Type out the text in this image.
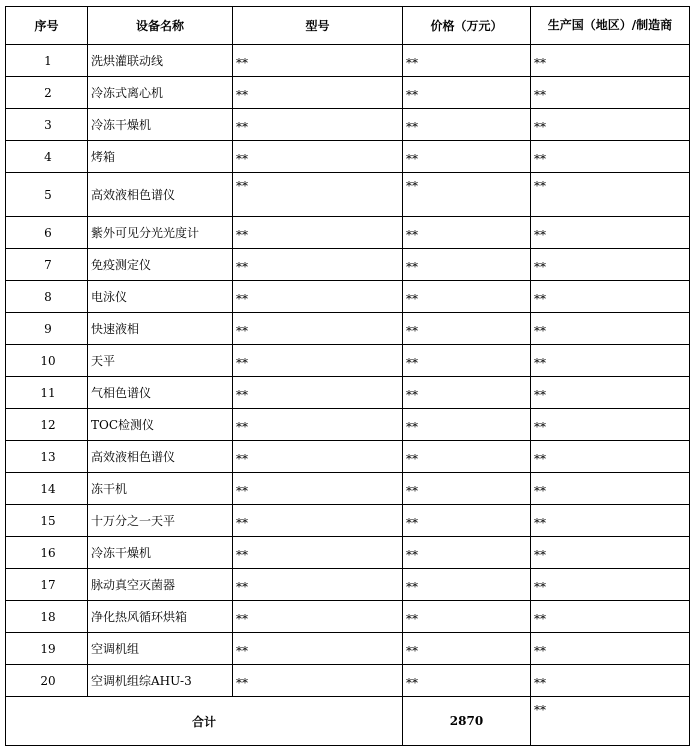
序号	设备名称	型号	价格（万元）	生产国（地区）/制造商
1	洗烘灌联动线	**	**	**
2	冷冻式离心机	**	**	**
3	冷冻干燥机	**	**	**
4	烤箱	**	**	**
5	高效液相色谱仪	**	**	**
6	紫外可见分光光度计	**	**	**
7	免疫测定仪	**	**	**
8	电泳仪	**	**	**
9	快速液相	**	**	**
10	天平	**	**	**
11	气相色谱仪	**	**	**
12	TOC检测仪	**	**	**
13	高效液相色谱仪	**	**	**
14	冻干机	**	**	**
15	十万分之一天平	**	**	**
16	冷冻干燥机	**	**	**
17	脉动真空灭菌器	**	**	**
18	净化热风循环烘箱	**	**	**
19	空调机组	**	**	**
20	空调机组综AHU-3	**	**	**
合计			2870	**
